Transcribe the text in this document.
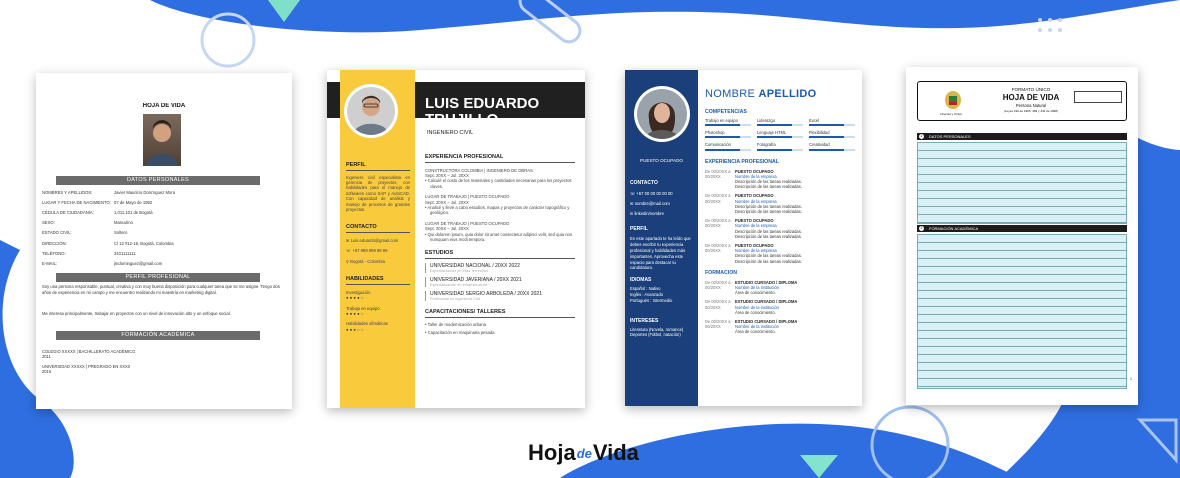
HOJA DE VIDA
DATOS PERSONALES
NOMBRES Y APELLIDOS:	Javier Mauricio Dom'nguez Mora
LUGAR Y FECHA DE NACIMIENTO: 07 de Mayo de 1992
CÉDULA DE CIUDADANÍA:	1.011.101 de Bogotá
SEXO:	Masculino
ESTADO CIVIL:	Soltero
DIRECCIÓN:	Cl 12 #12-18, Bogotá, Colombia
TELÉFONO:	3101111111
E-MAIL:	jmdominguez@gmail.com
PERFIL PROFESIONAL
Soy una persona responsable, puntual, creativa y con muy buena disposición para cualquier tarea que se me asigne. Tengo dos años de experiencia en mi campo y me encuentro realizando mi maestría en marketing digital.
Me interesa principalmente, trabajar en proyectos con un nivel de innovación alto y un enfoque social.
FORMACIÓN ACADÉMICA
COLEGIO XXXXX | BACHILLERATO ACADÉMICO
2011
UNIVERSIDAD XXXXX | PREGRADO EN XXXX
2016
LUIS EDUARDO TRUJILLO
INGENIERO CIVIL
PERFIL
Ingeniero civil especialista en gerencia de proyectos, con habilidades para el manejo de softwares como SAP y AutoCAD. Con capacidad de análisis y manejo de procesos de grandes proyectos.
CONTACTO
✉ Luis.eduardo@gmail.com
☏ +57 999 999 99 99
⚲ Bogotá - Colombia
HABILIDADES
Investigación
● ● ● ● ○
Trabajo en equipo
● ● ● ● ○
Habilidades ofimáticas
● ● ● ○ ○
EXPERIENCIA PROFESIONAL
CONSTRUCTORA COLOMBIA | INGENIERO DE OBRAS
Sept. 20XX – Jul. 20XX
• Calculé el costo de los materiales y cantidades necesarias para los proyectos claves.
LUGAR DE TRABAJO | PUESTO OCUPADO
Sept. 20XX – Jul. 20XX
• Analicé y llevé a cabo estudios, mapas y proyectos de carácter topográfico y geológico.
LUGAR DE TRABAJO | PUESTO OCUPADO
Sept. 20XX – Jul. 20XX
• Qui dolorem ipsum, quia dolor sit amet consectetur adipisci velit, sed quia non numquam eius modi tempora.
ESTUDIOS
UNIVERSIDAD NACIONAL / 20XX 2022
Especialización en Vías Terrestres
UNIVERSIDAD JAVERIANA / 20XX 2021
Especialización en Infraestructura
UNIVERSIDAD SERGIO ARBOLEDA / 20XX 2021
Profesional en ingeniería Civil
CAPACITACIONES/ TALLERES
• Taller de modernización urbana
• Capacitación en maquinaria pesada
PUESTO OCUPADO
CONTACTO
☏ +57 00 00 00 00 00
✉ nombre@mail.com
in linkedin/nombre
PERFIL
En este apartado te ha leído que debes escribir tu experiencia profesional y habilidades más importantes. Aprovecha este espacio para destacar tu candidatura.
IDIOMAS
Español : Nativo
Inglés : Avanzado
Portugués : Intermedio
INTERESES
Literatura (Novela, romance) Deportes (Fútbol, natación)
NOMBRE APELLIDO
COMPETENCIAS
Trabajo en equipo	Liderazgo	Excel
Photoshop	Lenguaje HTML	Flexibilidad
Comunicación	Fotografía	Creatividad
EXPERIENCIA PROFESIONAL
De 00/20XX a 00/20XX
PUESTO OCUPADO
Nombre de la empresa
Descripción de las tareas realizadas.
Descripción de las tareas realizadas.
De 00/20XX a 00/20XX
PUESTO OCUPADO
Nombre de la empresa
Descripción de las tareas realizadas.
Descripción de las tareas realizadas.
De 00/20XX a 00/20XX
PUESTO OCUPADO
Nombre de la empresa
Descripción de las tareas realizadas.
Descripción de las tareas realizadas.
De 00/20XX a 00/20XX
PUESTO OCUPADO
Nombre de la empresa
Descripción de las tareas realizadas.
Descripción de las tareas realizadas.
FORMACIÓN
De 00/20XX a 00/20XX
ESTUDIO CURSADO / DIPLOMA
Nombre de la institución
Área de conocimiento.
De 00/20XX a 00/20XX
ESTUDIO CURSADO / DIPLOMA
Nombre de la institución
Área de conocimiento.
De 00/20XX a 00/20XX
ESTUDIO CURSADO / DIPLOMA
Nombre de la institución
Área de conocimiento.
Libertad y Orden
FORMATO ÚNICO
HOJA DE VIDA
Persona Natural
(Leyes 190 de 1995, 489 y 443 de 1998)
DATOS PERSONALES
1
FORMACIÓN ACADÉMICA
2
1
Hoja de Vida
